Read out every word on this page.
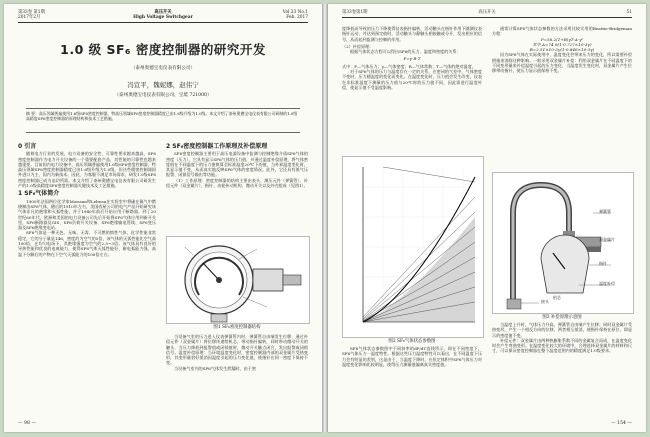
第33卷 第1期
2017年2月
高压开关
High Voltage Switchgear
Vol.33 No.1
Feb. 2017
1.0 级 SF₆ 密度控制器的研究开发
（泰州奥德宝电仪表有限公司）
冯宣平，魏妮娜，赵伟宁
（泰州奥德宝电仪表有限公司，宝坻 721000）
摘 要：高压领域普遍使用1.6级SF6密度控制器，特高压领域SF6密度控制器精度已由1.6级升级为1.0级。本文介绍了泰州奥德宝电仪表有限公司研制的1.0级高精度SF6密度控制器的原理结构和技术工艺措施。
0 引言
随着电力行业的发展，电力设备的安全性，可靠性要求越来越高，SF6密度控制器作为电力开关设备的一个重要配套产品，其性能的可靠性也越来越重要。目前国内电力设备中，高压领域普遍使用1.6级SF6密度控制器，特高压领域SF6密度控制器精度已由1.6级升级为1.0级，但这些精密控制器国外进口为主，国内为新技术。因此，为客服不满足市场需求，研发1.0级SF6密度控制器已成为迫切所需。本文介绍了泰州奥德宝电仪表有限公司研发生产的1.0级高精度SF6密度控制器关键技术及工艺措施。
1 SF₆气体简介
1900年法国两位化学家Moissan和Lebeau在实验室中将硫在氟气中燃烧制出SF6气体，随后的1910年左右，美国西屋公司的电气产品开始研究该气体非凡的绝缘和灭弧性能，并于1940年前后开始应用于断路器。到了20世纪60年代，欧洲和美国的电力设备公司先后开始将SF6气体应用到新开关里，SF6断路器及GIS、SF6负荷开关设备、SF6绝缘输电管线、SF6变压器及SF6绝缘变电站。
SF6气体是一种无色、无味、无毒、不可燃的惰性气体，化学性能非常稳定，它的分子量是146，密度约为空气的5倍，该气体的灭弧性能比空气高100倍，在均匀电场下，其绝缘强度为空气的2.5~3倍。该气体具有良好的导热性能和优良的电离能力，使得SF6气体灭弧性能好，耐电弧能力强，高温下分解后的产物在下空气灭弧能力的100倍左右。
2 SF₆密度控制器工作原理及补偿原理
SF6密度控制器主要用于高压电器设备中监测与控制绝缘介质SF6气体的密度（压力），它具有显示SF6气体的压力值，并通过温度补偿原理，将气体密度值在不同温度下的压力值换算至标准温度20℃下的值，当外界温度变化时，其显示值不变，从而真实地反映SF6气体的密度情况。此外，它还具有低气压报警、闭锁信号输出等功能。
（1）工作原理：密度控制器的结构主要由表头、测压元件（弹簧管）、补偿元件（双金属片）、指针、齿轮传动机构、微动开关以及外壳组成（见图1）。
图1 SF₆密度控制器结构
当设备气室的压力进入仪表弹簧管内时，弹簧管自由端发生位移，通过补偿元件（双金属片）将位移传递给机芯，带动指针偏转，同时带动微动开关的触头，当压力降低到报警值或闭锁值时，微动开关触点闭合，发出报警或闭锁信号。温度补偿原理：当环境温度变化时，密度控制器内部的双金属片受热变形，其变形量恰好抵消因温度引起的压力变化值，使指针在同一密度下保持不变。
当设备气室内的SF6气体发生泄漏时，由于密
— 98 —
第33卷第1期	高压开关	51
度降低而导致的压力下降使得仪表指针偏转，活动触头在指针作用下随测仪表指针运动，并达到预定值时，活动触头与静触头相接触或分开，发出相应的信号，从而起到监测与控制的作用。
（2）补偿原理：
根据气体状态方程可以得出SF6的压力、温度和密度的关系：
P=γ·R·T
式中：P—气体压力；γ—气体密度；R—气体常数；T—气体的绝对温度。
对于SF6气体的压力与温度存在一定的关系，在密闭的气室中，气体密度不变时，压力随温度的变化而变化。在温度变化时，压力值会发生改变，仪表在非标准温度下测量的压力值与20℃时的压力值不同，因此需进行温度补偿，使显示值不受温度影响。
图2 SF₆气体状态参数图
SF6气体状态参数图中不同斜率的dP/dT直线所示，即在不同密度下，SF6气体压力一温度特性。根据这些压力温度特性可以看出，在不同温度下压力会有明显的差别，这是由于，当温度下降时，在恒定体积中SF6气体压力对温度变化影响比较明显，使得压力测量值偏离真实密度值。
通常计算SF6气体状态参数的方法采用比较实用的Beattie-Bridgeman方程：
P=56.2(1+B)γT·A·γ²
其中 A=74.9(1-0.727×10-3γ)
B=2.51×10-3γ(1-0.846×10-3γ)
因为SF6气体在实际使用中，温度变化会带来压力的变化，所以需要补偿措施来消除这种影响。一般采用双金属片补偿：利用双金属片在不同温度下的不同变形量来补偿温度引起的压力变化，当温度发生变化时，双金属片产生位移带动指针，使压力显示值保持不变。
弹簧管
双金属片
指针
温度补偿
接头
机芯
图3 补偿原理示意图
当温度上升时，气体压力升高，弹簧管自由端产生位移；同时双金属片受热变形，产生一个相反方向的位移，两者相互抵消，使指针保持在原位，即显示的密度值不变。
补偿元件：双金属片由两种热膨胀系数不同的金属复合而成，在温度变化时会产生弯曲变形。在温度变化较大的环境中，合理选择双金属片的材料和尺寸，可以保证密度控制器在整个温度范围内的精度满足1.0级要求。
— 154 —
